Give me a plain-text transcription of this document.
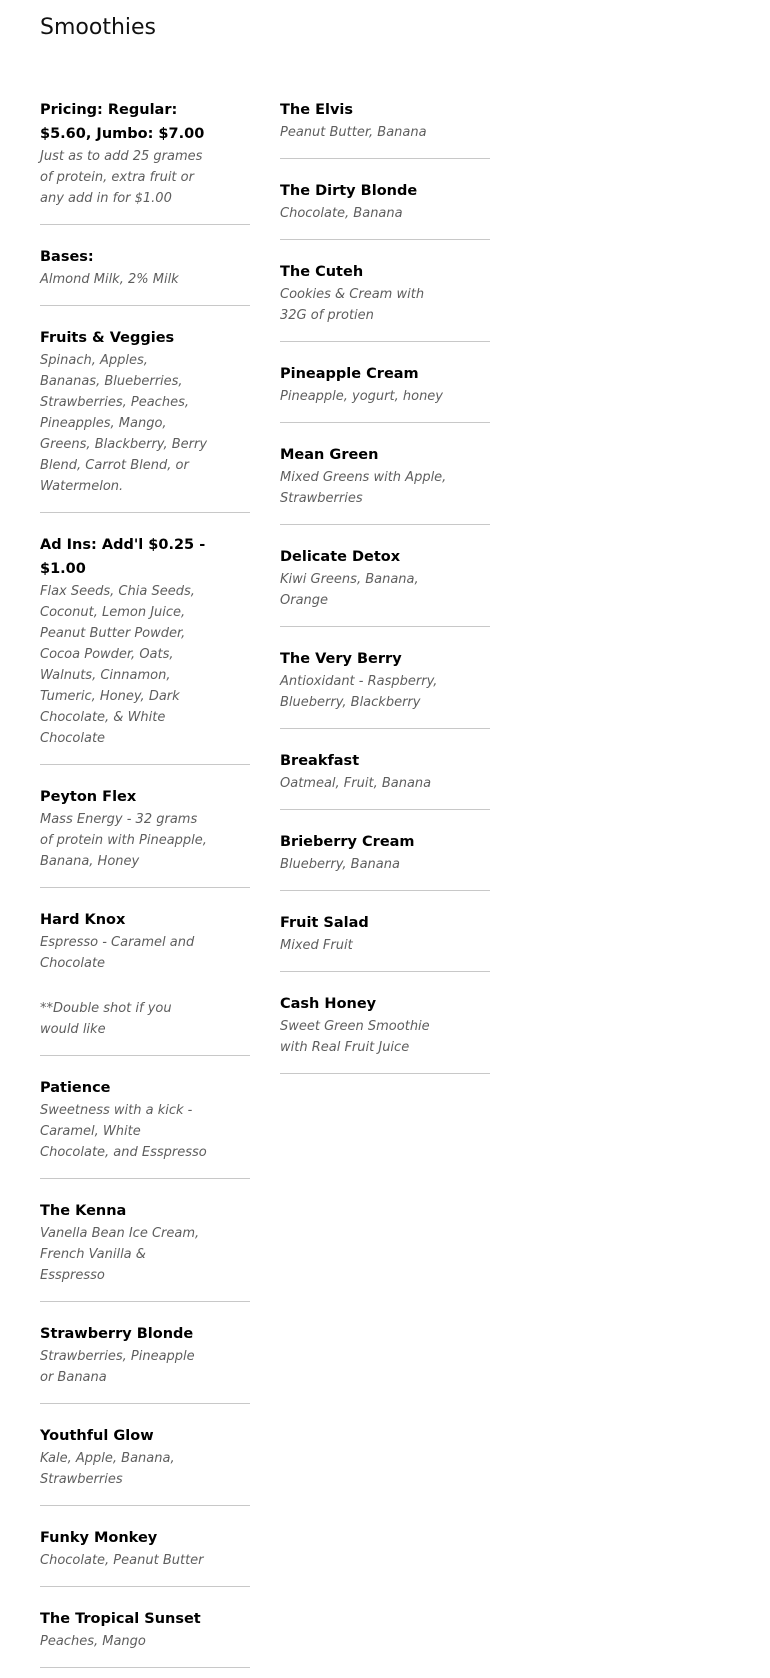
Smoothies
Pricing: Regular: $5.60, Jumbo: $7.00
Just as to add 25 grames of protein, extra fruit or any add in for $1.00
Bases:
Almond Milk, 2% Milk
Fruits & Veggies
Spinach, Apples, Bananas, Blueberries, Strawberries, Peaches, Pineapples, Mango, Greens, Blackberry, Berry Blend, Carrot Blend, or Watermelon.
Ad Ins: Add'l $0.25 - $1.00
Flax Seeds, Chia Seeds, Coconut, Lemon Juice, Peanut Butter Powder, Cocoa Powder, Oats, Walnuts, Cinnamon, Tumeric, Honey, Dark Chocolate, & White Chocolate
Peyton Flex
Mass Energy - 32 grams of protein with Pineapple, Banana, Honey
Hard Knox
Espresso - Caramel and Chocolate
**Double shot if you would like
Patience
Sweetness with a kick - Caramel, White Chocolate, and Esspresso
The Kenna
Vanella Bean Ice Cream, French Vanilla & Esspresso
Strawberry Blonde
Strawberries, Pineapple or Banana
Youthful Glow
Kale, Apple, Banana, Strawberries
Funky Monkey
Chocolate, Peanut Butter
The Tropical Sunset
Peaches, Mango
The Elvis
Peanut Butter, Banana
The Dirty Blonde
Chocolate, Banana
The Cuteh
Cookies & Cream with 32G of protien
Pineapple Cream
Pineapple, yogurt, honey
Mean Green
Mixed Greens with Apple, Strawberries
Delicate Detox
Kiwi Greens, Banana, Orange
The Very Berry
Antioxidant - Raspberry, Blueberry, Blackberry
Breakfast
Oatmeal, Fruit, Banana
Brieberry Cream
Blueberry, Banana
Fruit Salad
Mixed Fruit
Cash Honey
Sweet Green Smoothie with Real Fruit Juice
